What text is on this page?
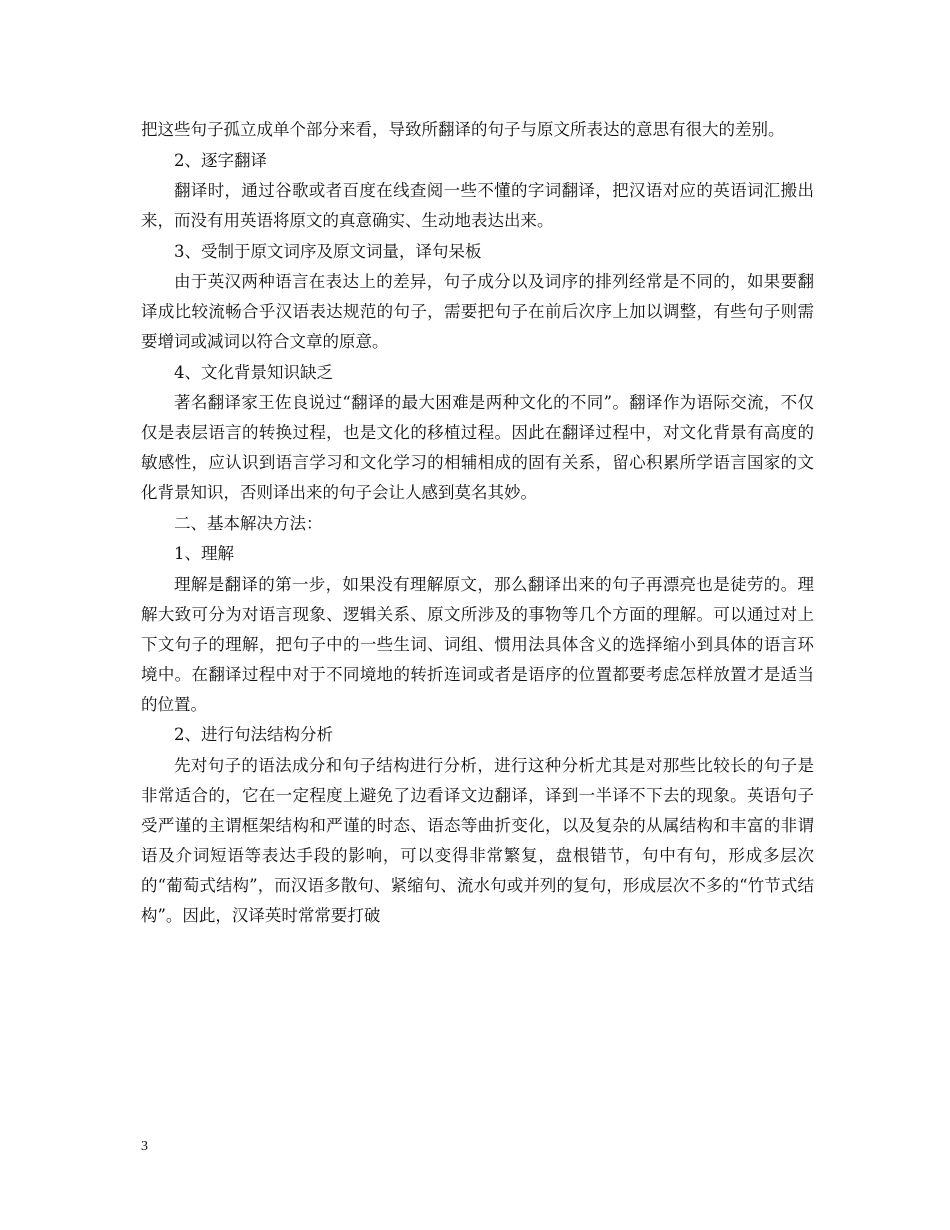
把这些句子孤立成单个部分来看，导致所翻译的句子与原文所表达的意思有很大的差别。

2、逐字翻译

翻译时，通过谷歌或者百度在线查阅一些不懂的字词翻译，把汉语对应的英语词汇搬出来，而没有用英语将原文的真意确实、生动地表达出来。

3、受制于原文词序及原文词量，译句呆板

由于英汉两种语言在表达上的差异，句子成分以及词序的排列经常是不同的，如果要翻译成比较流畅合乎汉语表达规范的句子，需要把句子在前后次序上加以调整，有些句子则需要增词或减词以符合文章的原意。

4、文化背景知识缺乏

著名翻译家王佐良说过“翻译的最大困难是两种文化的不同”。翻译作为语际交流，不仅仅是表层语言的转换过程，也是文化的移植过程。因此在翻译过程中，对文化背景有高度的敏感性，应认识到语言学习和文化学习的相辅相成的固有关系，留心积累所学语言国家的文化背景知识，否则译出来的句子会让人感到莫名其妙。

二、基本解决方法：

1、理解

理解是翻译的第一步，如果没有理解原文，那么翻译出来的句子再漂亮也是徒劳的。理解大致可分为对语言现象、逻辑关系、原文所涉及的事物等几个方面的理解。可以通过对上下文句子的理解，把句子中的一些生词、词组、惯用法具体含义的选择缩小到具体的语言环境中。在翻译过程中对于不同境地的转折连词或者是语序的位置都要考虑怎样放置才是适当的位置。

2、进行句法结构分析

先对句子的语法成分和句子结构进行分析，进行这种分析尤其是对那些比较长的句子是非常适合的，它在一定程度上避免了边看译文边翻译，译到一半译不下去的现象。英语句子受严谨的主谓框架结构和严谨的时态、语态等曲折变化，以及复杂的从属结构和丰富的非谓语及介词短语等表达手段的影响，可以变得非常繁复，盘根错节，句中有句，形成多层次的“葡萄式结构”，而汉语多散句、紧缩句、流水句或并列的复句，形成层次不多的“竹节式结构”。因此，汉译英时常常要打破

3
